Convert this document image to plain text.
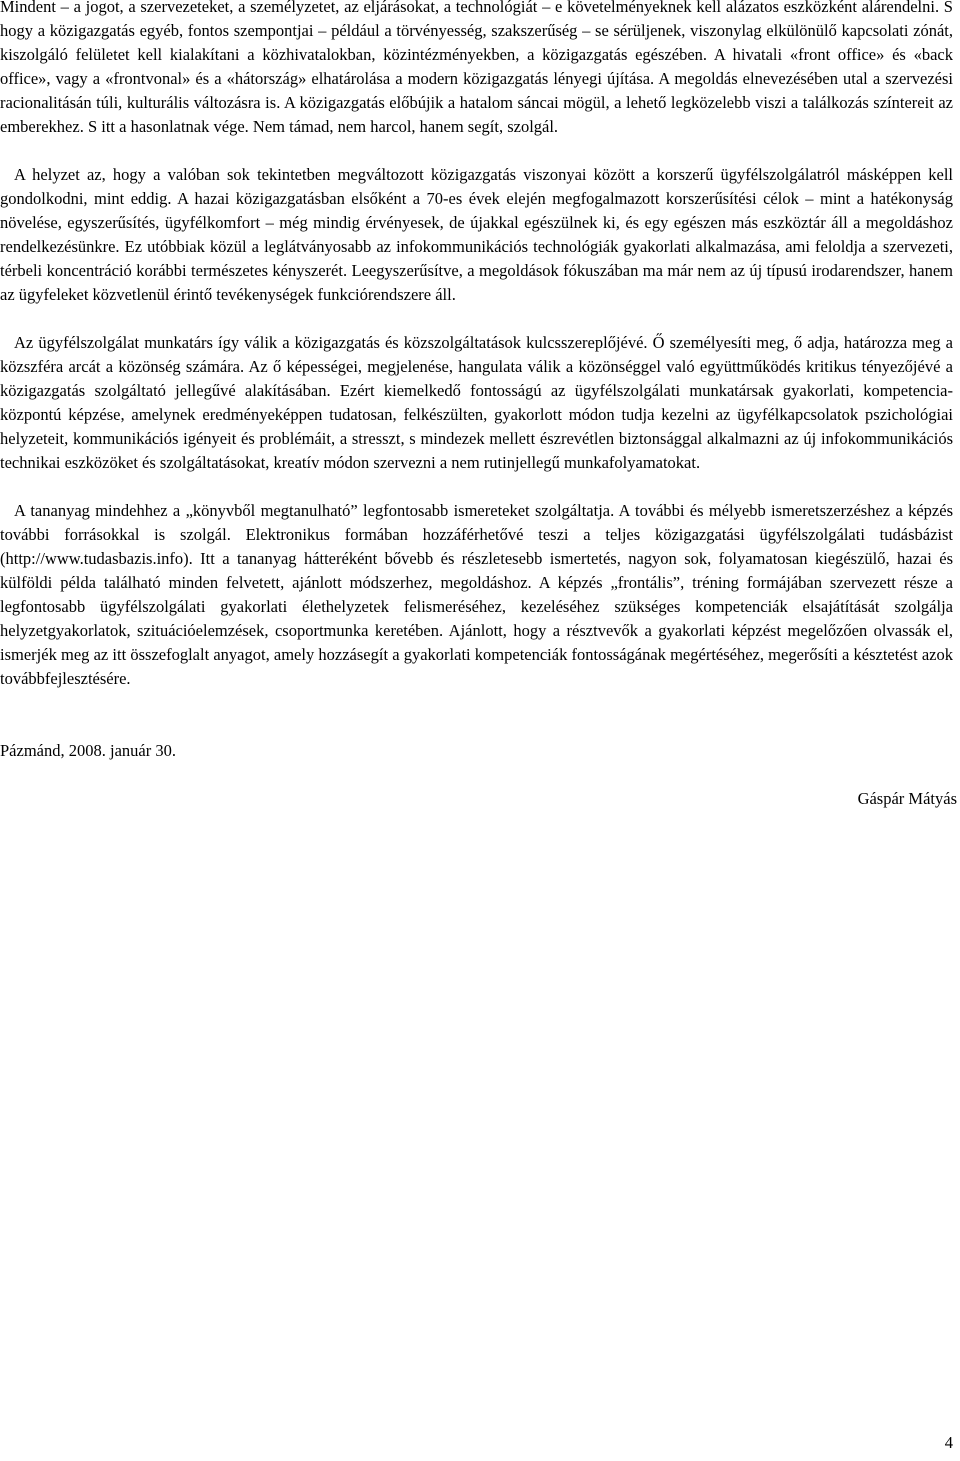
Mindent – a jogot, a szervezeteket, a személyzetet, az eljárásokat, a technológiát – e követelményeknek kell alázatos eszközként alárendelni. S hogy a közigazgatás egyéb, fontos szempontjai – például a törvényesség, szakszerűség – se sérüljenek, viszonylag elkülönülő kapcsolati zónát, kiszolgáló felületet kell kialakítani a közhivatalokban, közintézményekben, a közigazgatás egészében. A hivatali «front office» és «back office», vagy a «frontvonal» és a «hátország» elhatárolása a modern közigazgatás lényegi újítása. A megoldás elnevezésében utal a szervezési racionalitásán túli, kulturális változásra is. A közigazgatás előbújik a hatalom sáncai mögül, a lehető legközelebb viszi a találkozás színtereit az emberekhez. S itt a hasonlatnak vége. Nem támad, nem harcol, hanem segít, szolgál.

A helyzet az, hogy a valóban sok tekintetben megváltozott közigazgatás viszonyai között a korszerű ügyfélszolgálatról másképpen kell gondolkodni, mint eddig. A hazai közigazgatásban elsőként a 70-es évek elején megfogalmazott korszerűsítési célok – mint a hatékonyság növelése, egyszerűsítés, ügyfélkomfort – még mindig érvényesek, de újakkal egészülnek ki, és egy egészen más eszköztár áll a megoldáshoz rendelkezésünkre. Ez utóbbiak közül a leglátványosabb az infokommunikációs technológiák gyakorlati alkalmazása, ami feloldja a szervezeti, térbeli koncentráció korábbi természetes kényszerét. Leegyszerűsítve, a megoldások fókuszában ma már nem az új típusú irodarendszer, hanem az ügyfeleket közvetlenül érintő tevékenységek funkciórendszere áll.

Az ügyfélszolgálat munkatárs így válik a közigazgatás és közszolgáltatások kulcsszereplőjévé. Ő személyesíti meg, ő adja, határozza meg a közszféra arcát a közönség számára. Az ő képességei, megjelenése, hangulata válik a közönséggel való együttműködés kritikus tényezőjévé a közigazgatás szolgáltató jellegűvé alakításában. Ezért kiemelkedő fontosságú az ügyfélszolgálati munkatársak gyakorlati, kompetencia-központú képzése, amelynek eredményeképpen tudatosan, felkészülten, gyakorlott módon tudja kezelni az ügyfélkapcsolatok pszichológiai helyzeteit, kommunikációs igényeit és problémáit, a stresszt, s mindezek mellett észrevétlen biztonsággal alkalmazni az új infokommunikációs technikai eszközöket és szolgáltatásokat, kreatív módon szervezni a nem rutinjellegű munkafolyamatokat.

A tananyag mindehhez a „könyvből megtanulható” legfontosabb ismereteket szolgáltatja. A további és mélyebb ismeretszerzéshez a képzés további forrásokkal is szolgál. Elektronikus formában hozzáférhetővé teszi a teljes közigazgatási ügyfélszolgálati tudásbázist (http://www.tudasbazis.info). Itt a tananyag hátteréként bővebb és részletesebb ismertetés, nagyon sok, folyamatosan kiegészülő, hazai és külföldi példa található minden felvetett, ajánlott módszerhez, megoldáshoz. A képzés „frontális”, tréning formájában szervezett része a legfontosabb ügyfélszolgálati gyakorlati élethelyzetek felismeréséhez, kezeléséhez szükséges kompetenciák elsajátítását szolgálja helyzetgyakorlatok, szituációelemzések, csoportmunka keretében. Ajánlott, hogy a résztvevők a gyakorlati képzést megelőzően olvassák el, ismerjék meg az itt összefoglalt anyagot, amely hozzásegít a gyakorlati kompetenciák fontosságának megértéséhez, megerősíti a késztetést azok továbbfejlesztésére.

Pázmánd, 2008. január 30.

Gáspár Mátyás

4
